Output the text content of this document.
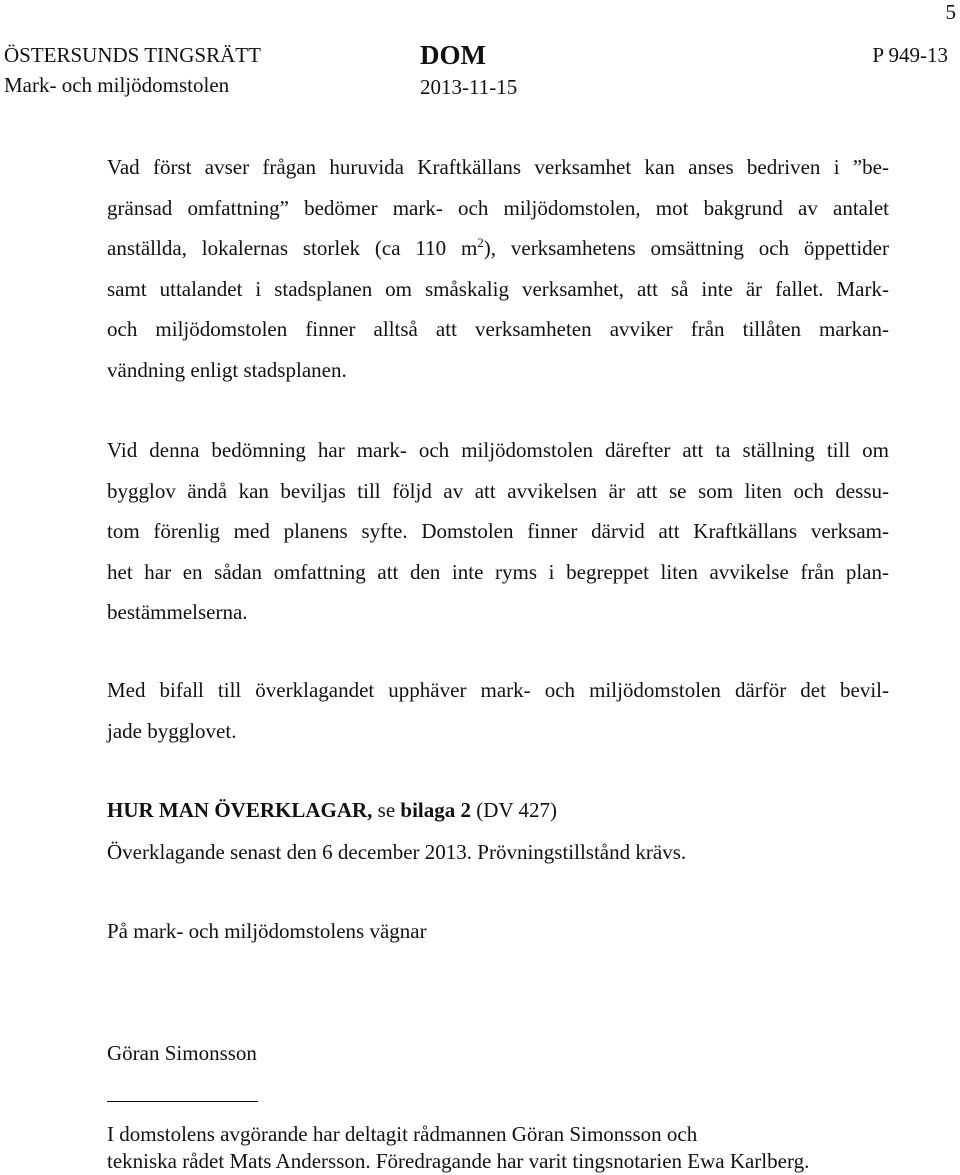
5
ÖSTERSUNDS TINGSRÄTT
Mark- och miljödomstolen
DOM
2013-11-15
P 949-13
Vad först avser frågan huruvida Kraftkällans verksamhet kan anses bedriven i ”be-
gränsad omfattning” bedömer mark- och miljödomstolen, mot bakgrund av antalet
anställda, lokalernas storlek (ca 110 $m^2$), verksamhetens omsättning och öppettider
samt uttalandet i stadsplanen om småskalig verksamhet, att så inte är fallet. Mark-
och miljödomstolen finner alltså att verksamheten avviker från tillåten markan-
vändning enligt stadsplanen.
Vid denna bedömning har mark- och miljödomstolen därefter att ta ställning till om
bygglov ändå kan beviljas till följd av att avvikelsen är att se som liten och dessu-
tom förenlig med planens syfte. Domstolen finner därvid att Kraftkällans verksam-
het har en sådan omfattning att den inte ryms i begreppet liten avvikelse från plan-
bestämmelserna.
Med bifall till överklagandet upphäver mark- och miljödomstolen därför det bevil-
jade bygglovet.
HUR MAN ÖVERKLAGAR, se bilaga 2 (DV 427)
Överklagande senast den 6 december 2013. Prövningstillstånd krävs.
På mark- och miljödomstolens vägnar
Göran Simonsson
I domstolens avgörande har deltagit rådmannen Göran Simonsson och
tekniska rådet Mats Andersson. Föredragande har varit tingsnotarien Ewa Karlberg.
